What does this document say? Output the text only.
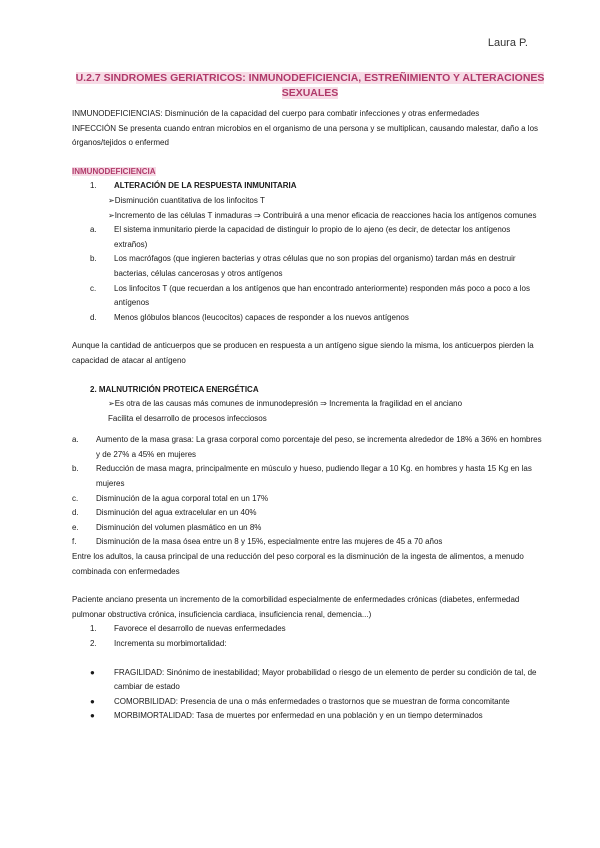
Laura P.
U.2.7 SINDROMES GERIATRICOS: INMUNODEFICIENCIA, ESTREÑIMIENTO Y ALTERACIONES SEXUALES

INMUNODEFICIENCIAS: Disminución de la capacidad del cuerpo para combatir infecciones y otras enfermedades

INFECCIÓN Se presenta cuando entran microbios en el organismo de una persona y se multiplican, causando malestar, daño a los órganos/tejidos o enfermed

INMUNODEFICIENCIA

1.	ALTERACIÓN DE LA RESPUESTA INMUNITARIA

➢Disminución cuantitativa de los linfocitos T

➢Incremento de las células T inmaduras ⇒ Contribuirá a una menor eficacia de reacciones hacia los antígenos comunes

a.	El sistema inmunitario pierde la capacidad de distinguir lo propio de lo ajeno (es decir, de detectar los antígenos extraños)
b.	Los macrófagos (que ingieren bacterias y otras células que no son propias del organismo) tardan más en destruir bacterias, células cancerosas y otros antígenos
c.	Los linfocitos T (que recuerdan a los antígenos que han encontrado anteriormente) responden más poco a poco a los antígenos
d.	Menos glóbulos blancos (leucocitos) capaces de responder a los nuevos antígenos

Aunque la cantidad de anticuerpos que se producen en respuesta a un antígeno sigue siendo la misma, los anticuerpos pierden la capacidad de atacar al antígeno

2. MALNUTRICIÓN PROTEICA ENERGÉTICA

➢Es otra de las causas más comunes de inmunodepresión ⇒ Incrementa la fragilidad en el anciano

Facilita el desarrollo de procesos infecciosos

a.	Aumento de la masa grasa: La grasa corporal como porcentaje del peso, se incrementa alrededor de 18% a 36% en hombres y de 27% a 45% en mujeres
b.	Reducción de masa magra, principalmente en músculo y hueso, pudiendo llegar a 10 Kg. en hombres y hasta 15 Kg en las mujeres
c.	Disminución de la agua corporal total en un 17%
d.	Disminución del agua extracelular en un 40%
e.	Disminución del volumen plasmático en un 8%
f.	Disminución de la masa ósea entre un 8 y 15%, especialmente entre las mujeres de 45 a 70 años

Entre los adultos, la causa principal de una reducción del peso corporal es la disminución de la ingesta de alimentos, a menudo combinada con enfermedades

Paciente anciano presenta un incremento de la comorbilidad especialmente de enfermedades crónicas (diabetes, enfermedad pulmonar obstructiva crónica, insuficiencia cardiaca, insuficiencia renal, demencia...)

1.	Favorece el desarrollo de nuevas enfermedades
2.	Incrementa su morbimortalidad:
●	FRAGILIDAD: Sinónimo de inestabilidad; Mayor probabilidad o riesgo de un elemento de perder su condición de tal, de cambiar de estado
●	COMORBILIDAD: Presencia de una o más enfermedades o trastornos que se muestran de forma concomitante
●	MORBIMORTALIDAD: Tasa de muertes por enfermedad en una población y en un tiempo determinados
